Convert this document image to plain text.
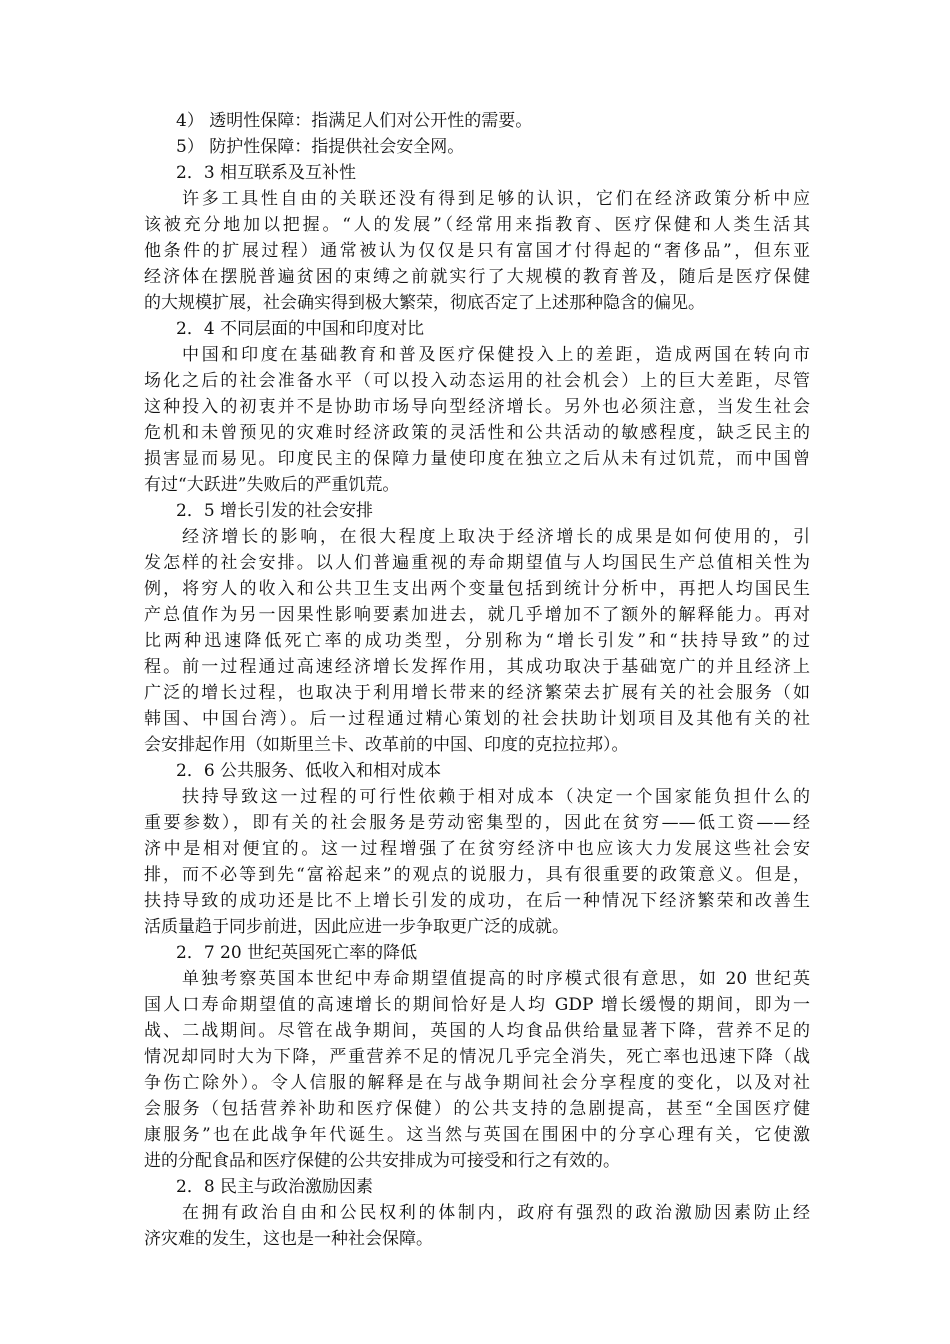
4） 透明性保障：指满足人们对公开性的需要。
5） 防护性保障：指提供社会安全网。
2．3 相互联系及互补性
许多工具性自由的关联还没有得到足够的认识，它们在经济政策分析中应
该被充分地加以把握。“人的发展”（经常用来指教育、医疗保健和人类生活其
他条件的扩展过程）通常被认为仅仅是只有富国才付得起的“奢侈品”，但东亚
经济体在摆脱普遍贫困的束缚之前就实行了大规模的教育普及，随后是医疗保健
的大规模扩展，社会确实得到极大繁荣，彻底否定了上述那种隐含的偏见。
2．4 不同层面的中国和印度对比
中国和印度在基础教育和普及医疗保健投入上的差距，造成两国在转向市
场化之后的社会准备水平（可以投入动态运用的社会机会）上的巨大差距，尽管
这种投入的初衷并不是协助市场导向型经济增长。另外也必须注意，当发生社会
危机和未曾预见的灾难时经济政策的灵活性和公共活动的敏感程度，缺乏民主的
损害显而易见。印度民主的保障力量使印度在独立之后从未有过饥荒，而中国曾
有过“大跃进”失败后的严重饥荒。
2．5 增长引发的社会安排
经济增长的影响，在很大程度上取决于经济增长的成果是如何使用的，引
发怎样的社会安排。以人们普遍重视的寿命期望值与人均国民生产总值相关性为
例，将穷人的收入和公共卫生支出两个变量包括到统计分析中，再把人均国民生
产总值作为另一因果性影响要素加进去，就几乎增加不了额外的解释能力。再对
比两种迅速降低死亡率的成功类型，分别称为“增长引发”和“扶持导致”的过
程。前一过程通过高速经济增长发挥作用，其成功取决于基础宽广的并且经济上
广泛的增长过程，也取决于利用增长带来的经济繁荣去扩展有关的社会服务（如
韩国、中国台湾）。后一过程通过精心策划的社会扶助计划项目及其他有关的社
会安排起作用（如斯里兰卡、改革前的中国、印度的克拉拉邦）。
2．6 公共服务、低收入和相对成本
扶持导致这一过程的可行性依赖于相对成本（决定一个国家能负担什么的
重要参数），即有关的社会服务是劳动密集型的，因此在贫穷——低工资——经
济中是相对便宜的。这一过程增强了在贫穷经济中也应该大力发展这些社会安
排，而不必等到先“富裕起来”的观点的说服力，具有很重要的政策意义。但是，
扶持导致的成功还是比不上增长引发的成功，在后一种情况下经济繁荣和改善生
活质量趋于同步前进，因此应进一步争取更广泛的成就。
2．7 20 世纪英国死亡率的降低
单独考察英国本世纪中寿命期望值提高的时序模式很有意思，如 20 世纪英
国人口寿命期望值的高速增长的期间恰好是人均 GDP 增长缓慢的期间，即为一
战、二战期间。尽管在战争期间，英国的人均食品供给量显著下降，营养不足的
情况却同时大为下降，严重营养不足的情况几乎完全消失，死亡率也迅速下降（战
争伤亡除外）。令人信服的解释是在与战争期间社会分享程度的变化，以及对社
会服务（包括营养补助和医疗保健）的公共支持的急剧提高，甚至“全国医疗健
康服务”也在此战争年代诞生。这当然与英国在围困中的分享心理有关，它使激
进的分配食品和医疗保健的公共安排成为可接受和行之有效的。
2．8 民主与政治激励因素
在拥有政治自由和公民权利的体制内，政府有强烈的政治激励因素防止经
济灾难的发生，这也是一种社会保障。
